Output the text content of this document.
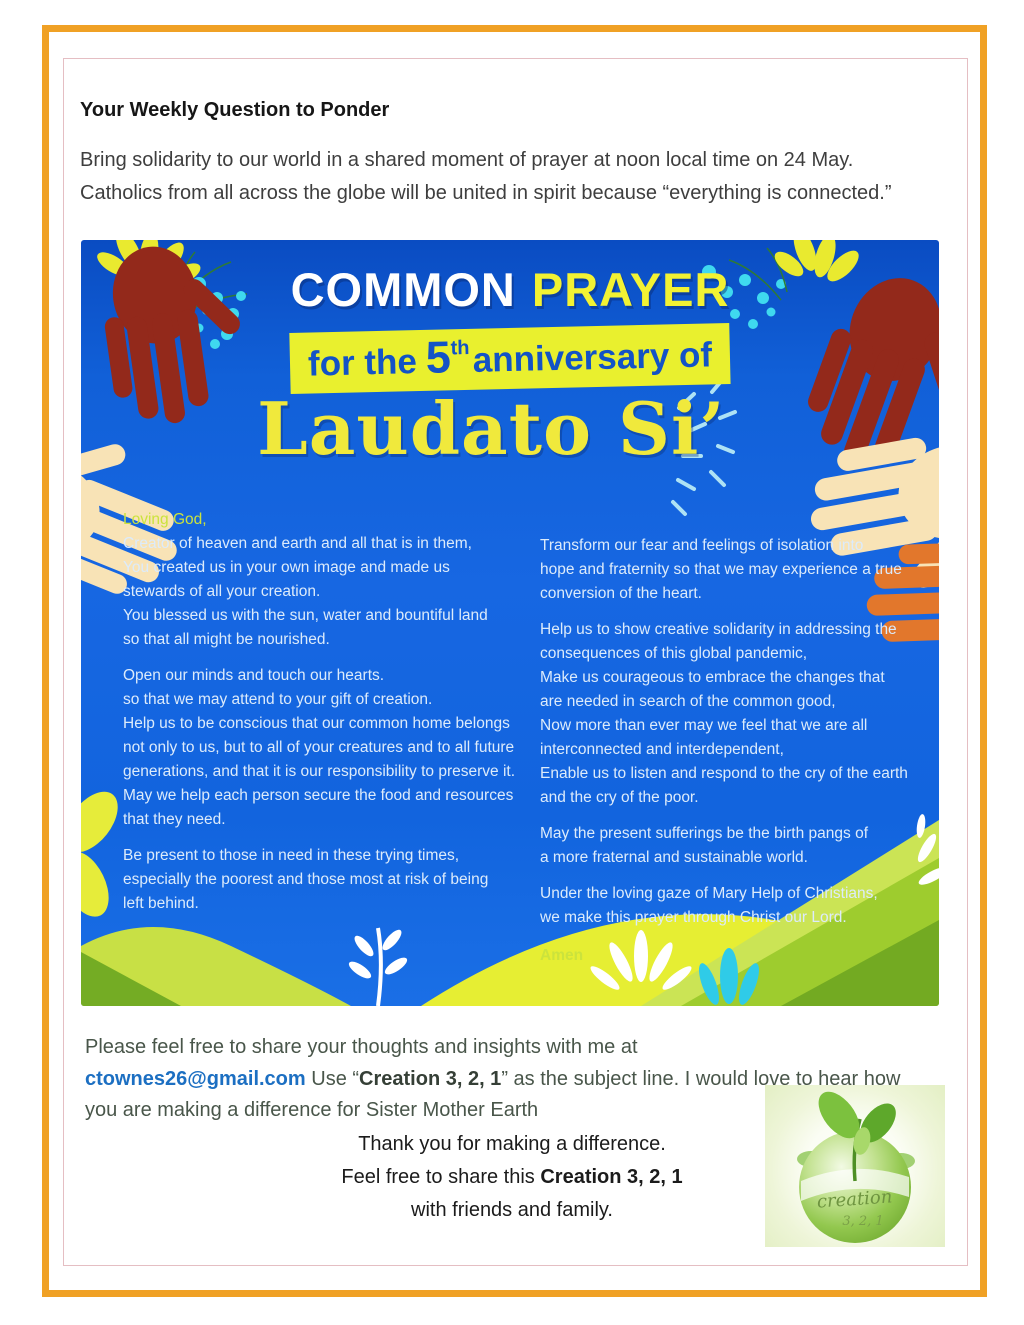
Your Weekly Question to Ponder

Bring solidarity to our world in a shared moment of prayer at noon local time on 24 May. Catholics from all across the globe will be united in spirit because “everything is connected.”

COMMON PRAYER
for the 5thanniversary of
Laudato Si’
Loving God,
Creator of heaven and earth and all that is in them,
You created us in your own image and made us
stewards of all your creation.
You blessed us with the sun, water and bountiful land
so that all might be nourished.
Open our minds and touch our hearts.
so that we may attend to your gift of creation.
Help us to be conscious that our common home belongs
not only to us, but to all of your creatures and to all future
generations, and that it is our responsibility to preserve it.
May we help each person secure the food and resources
that they need.
Be present to those in need in these trying times,
especially the poorest and those most at risk of being
left behind.
Transform our fear and feelings of isolation into
hope and fraternity so that we may experience a true
conversion of the heart.
Help us to show creative solidarity in addressing the
consequences of this global pandemic,
Make us courageous to embrace the changes that
are needed in search of the common good,
Now more than ever may we feel that we are all
interconnected and interdependent,
Enable us to listen and respond to the cry of the earth
and the cry of the poor.
May the present sufferings be the birth pangs of
a more fraternal and sustainable world.
Under the loving gaze of Mary Help of Christians,
we make this prayer through Christ our Lord.
Amen

Please feel free to share your thoughts and insights with me at
ctownes26@gmail.com Use “Creation 3, 2, 1” as the subject line. I would love to hear how you are making a difference for Sister Mother Earth

Thank you for making a difference.
Feel free to share this Creation 3, 2, 1
with friends and family.	creation
3, 2, 1
